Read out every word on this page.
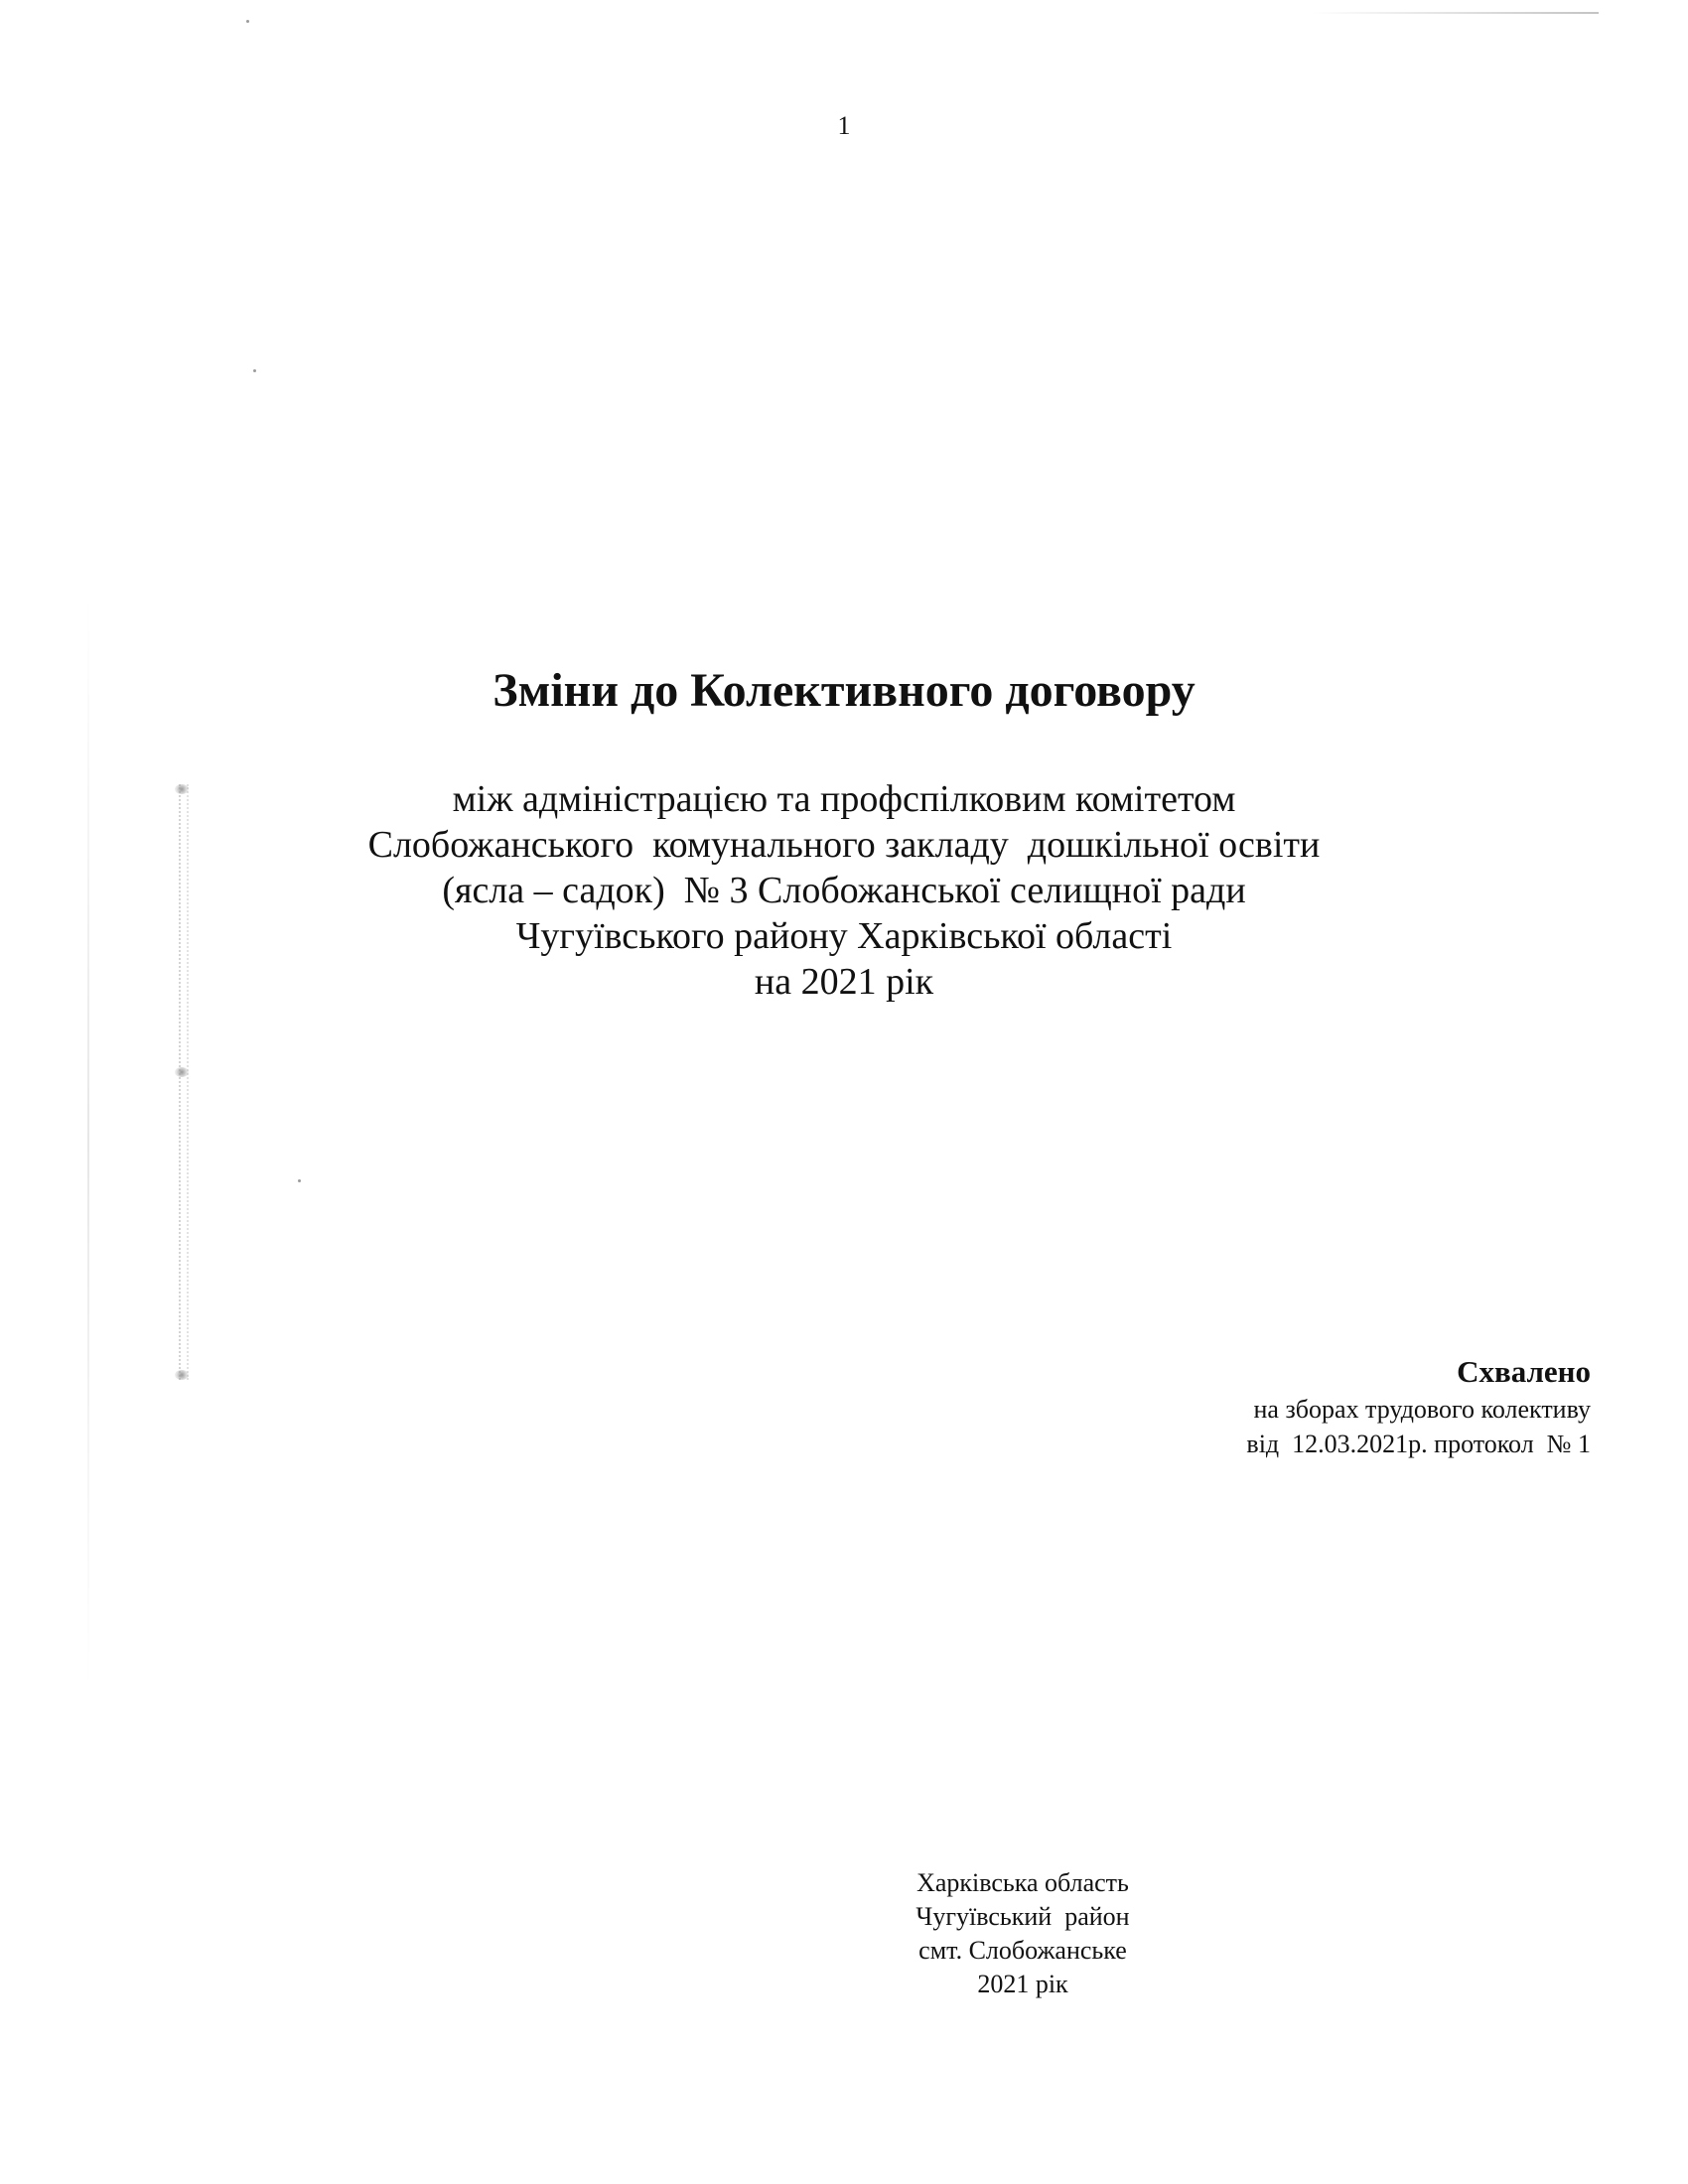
1
Зміни до Колективного договору
між адміністрацією та профспілковим комітетом
Слобожанського  комунального закладу  дошкільної освіти
(ясла – садок)  № 3 Слобожанської селищної ради
Чугуївського району Харківської області
на 2021 рік
Схвалено
на зборах трудового колективу
від  12.03.2021р. протокол  № 1
Харківська область
Чугуївський  район
смт. Слобожанське
2021 рік
